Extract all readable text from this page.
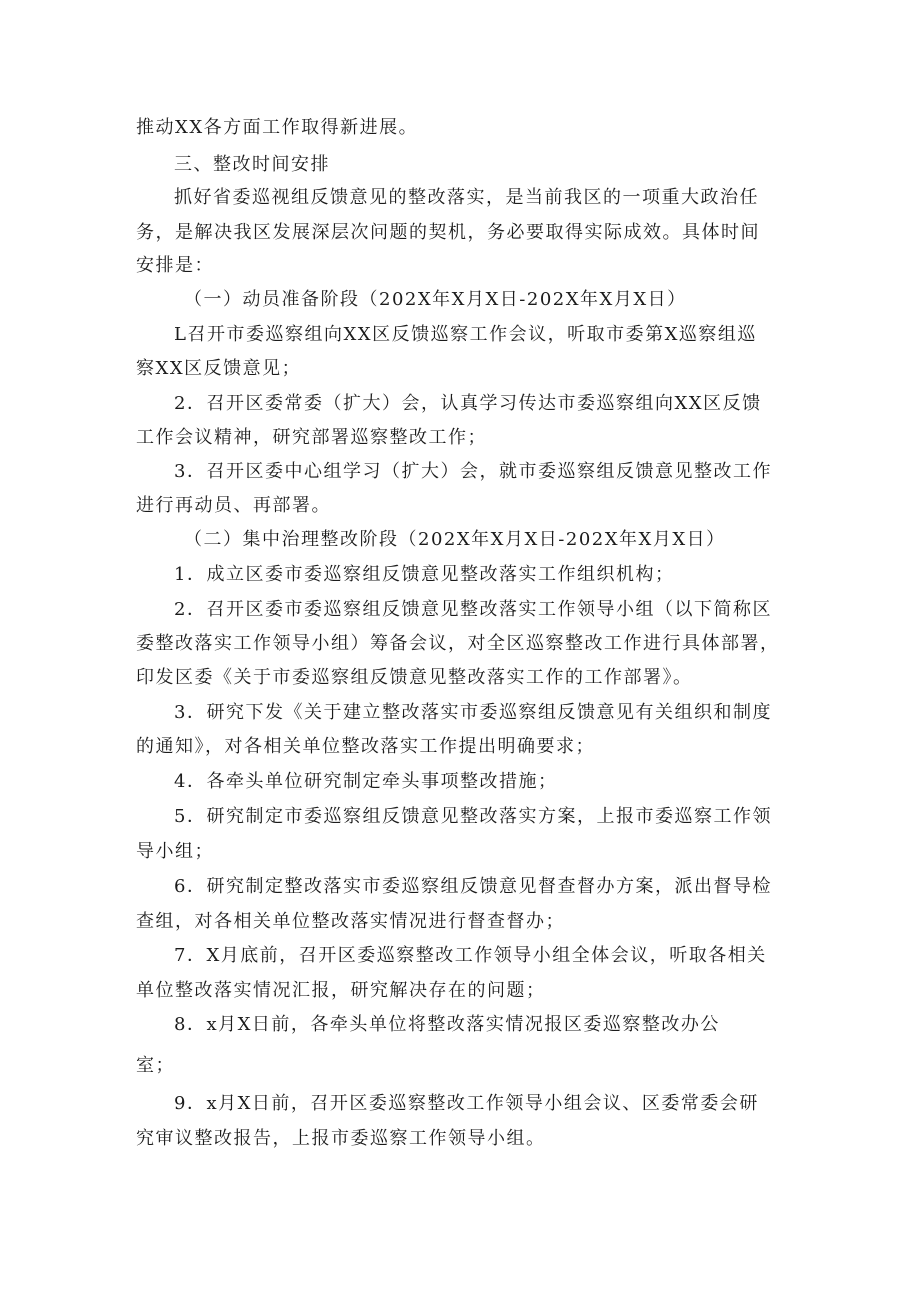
推动XX各方面工作取得新进展。

三、整改时间安排

抓好省委巡视组反馈意见的整改落实，是当前我区的一项重大政治任

务，是解决我区发展深层次问题的契机，务必要取得实际成效。具体时间

安排是：

（一）动员准备阶段（202X年X月X日-202X年X月X日）

L召开市委巡察组向XX区反馈巡察工作会议，听取市委第X巡察组巡

察XX区反馈意见；

2．召开区委常委（扩大）会，认真学习传达市委巡察组向XX区反馈

工作会议精神，研究部署巡察整改工作；

3．召开区委中心组学习（扩大）会，就市委巡察组反馈意见整改工作

进行再动员、再部署。

（二）集中治理整改阶段（202X年X月X日-202X年X月X日）

1．成立区委市委巡察组反馈意见整改落实工作组织机构；

2．召开区委市委巡察组反馈意见整改落实工作领导小组（以下简称区

委整改落实工作领导小组）筹备会议，对全区巡察整改工作进行具体部署，

印发区委《关于市委巡察组反馈意见整改落实工作的工作部署》。

3．研究下发《关于建立整改落实市委巡察组反馈意见有关组织和制度

的通知》，对各相关单位整改落实工作提出明确要求；

4．各牵头单位研究制定牵头事项整改措施；

5．研究制定市委巡察组反馈意见整改落实方案，上报市委巡察工作领

导小组；

6．研究制定整改落实市委巡察组反馈意见督查督办方案，派出督导检

查组，对各相关单位整改落实情况进行督查督办；

7．X月底前，召开区委巡察整改工作领导小组全体会议，听取各相关

单位整改落实情况汇报，研究解决存在的问题；

8．x月X日前，各牵头单位将整改落实情况报区委巡察整改办公

室；

9．x月X日前，召开区委巡察整改工作领导小组会议、区委常委会研

究审议整改报告，上报市委巡察工作领导小组。
